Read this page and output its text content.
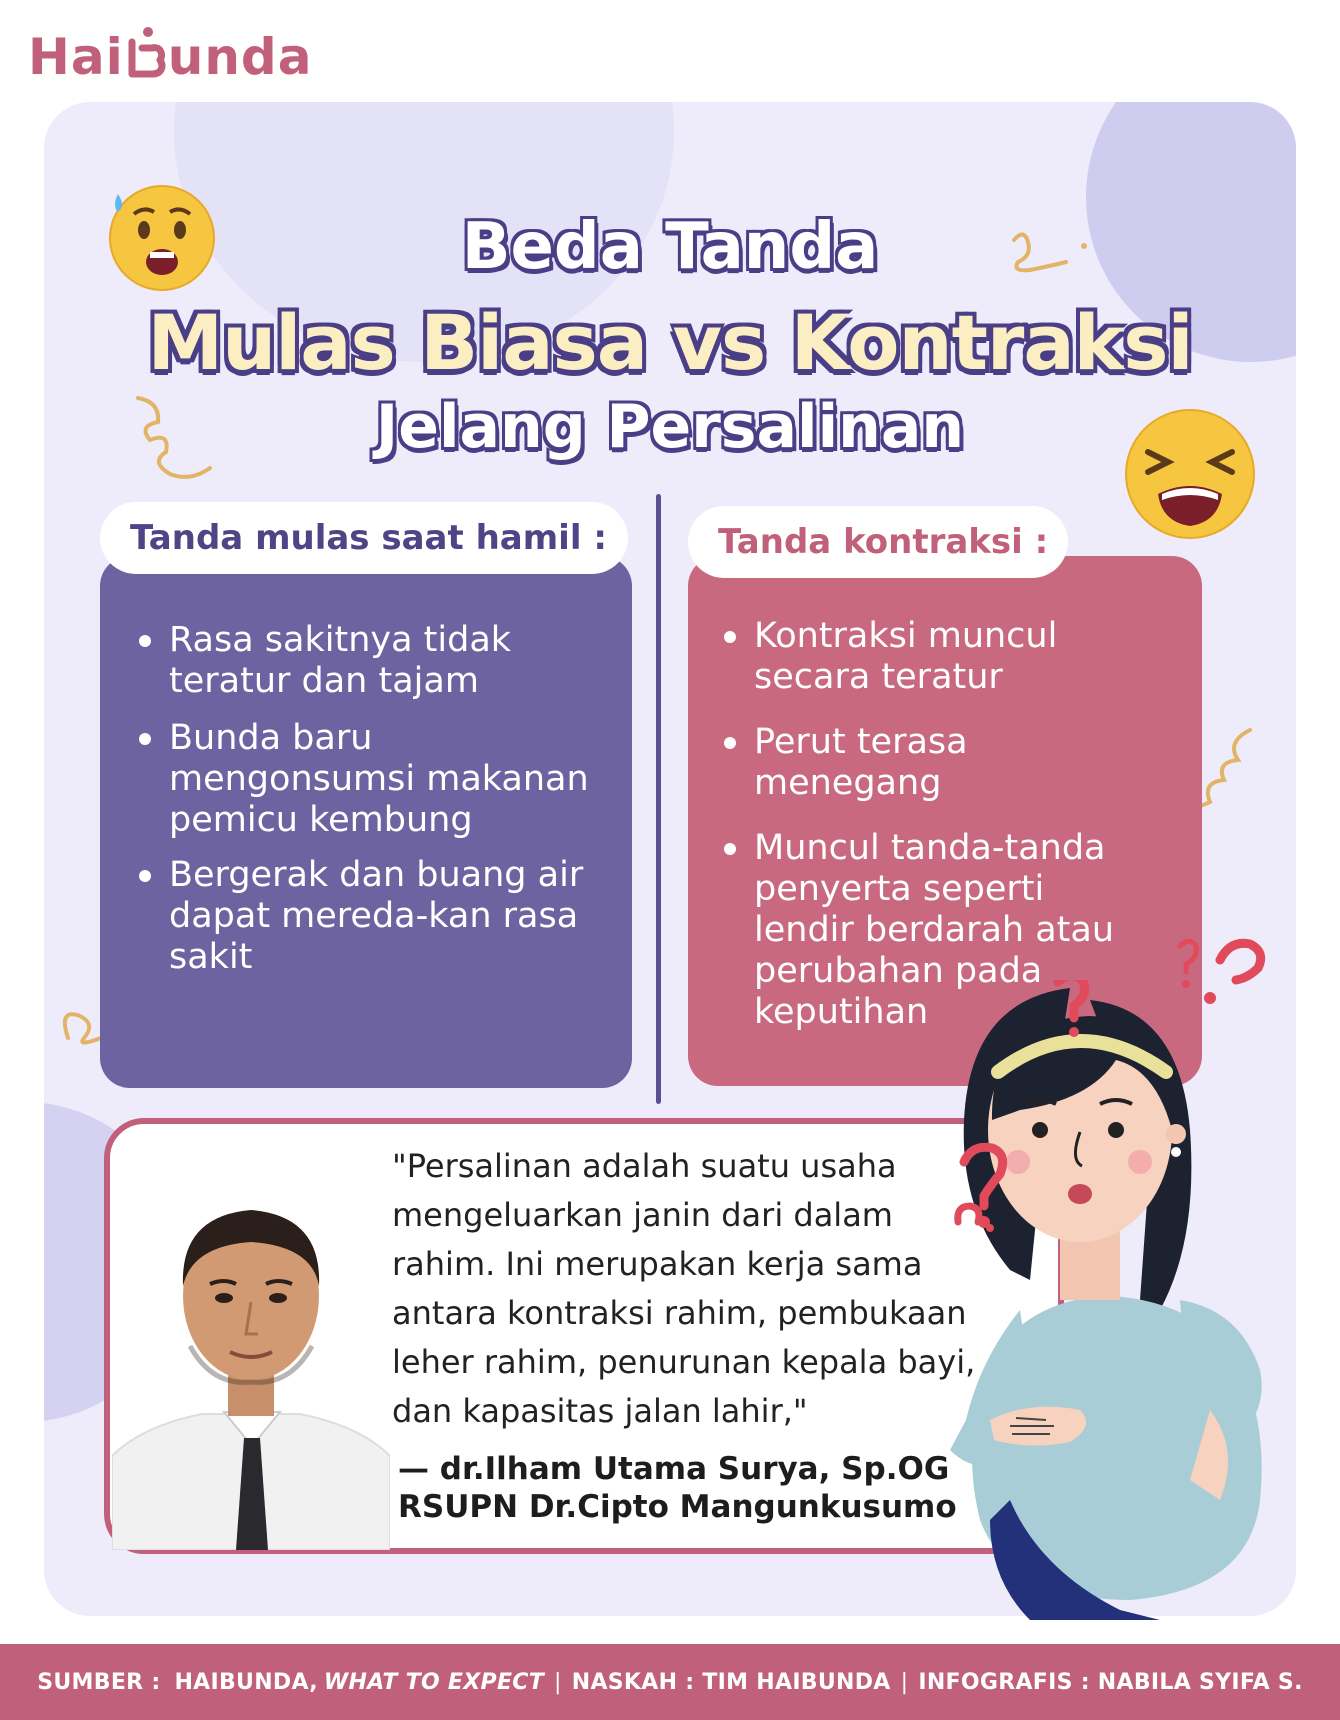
Hai unda
Beda Tanda
Mulas Biasa vs Kontraksi
Jelang Persalinan
Tanda mulas saat hamil :	Tanda kontraksi :
Rasa sakitnya tidak teratur dan tajam
Bunda baru mengonsumsi makanan pemicu kembung
Bergerak dan buang air dapat mereda-kan rasa sakit
Kontraksi muncul secara teratur
Perut terasa menegang
Muncul tanda-tanda penyerta seperti lendir berdarah atau perubahan pada keputihan
"Persalinan adalah suatu usaha mengeluarkan janin dari dalam rahim. Ini merupakan kerja sama antara kontraksi rahim, pembukaan leher rahim, penurunan kepala bayi, dan kapasitas jalan lahir,"
— dr.Ilham Utama Surya, Sp.OG
RSUPN Dr.Cipto Mangunkusumo
SUMBER : HAIBUNDA, WHAT TO EXPECT | NASKAH : TIM HAIBUNDA | INFOGRAFIS : NABILA SYIFA S.
